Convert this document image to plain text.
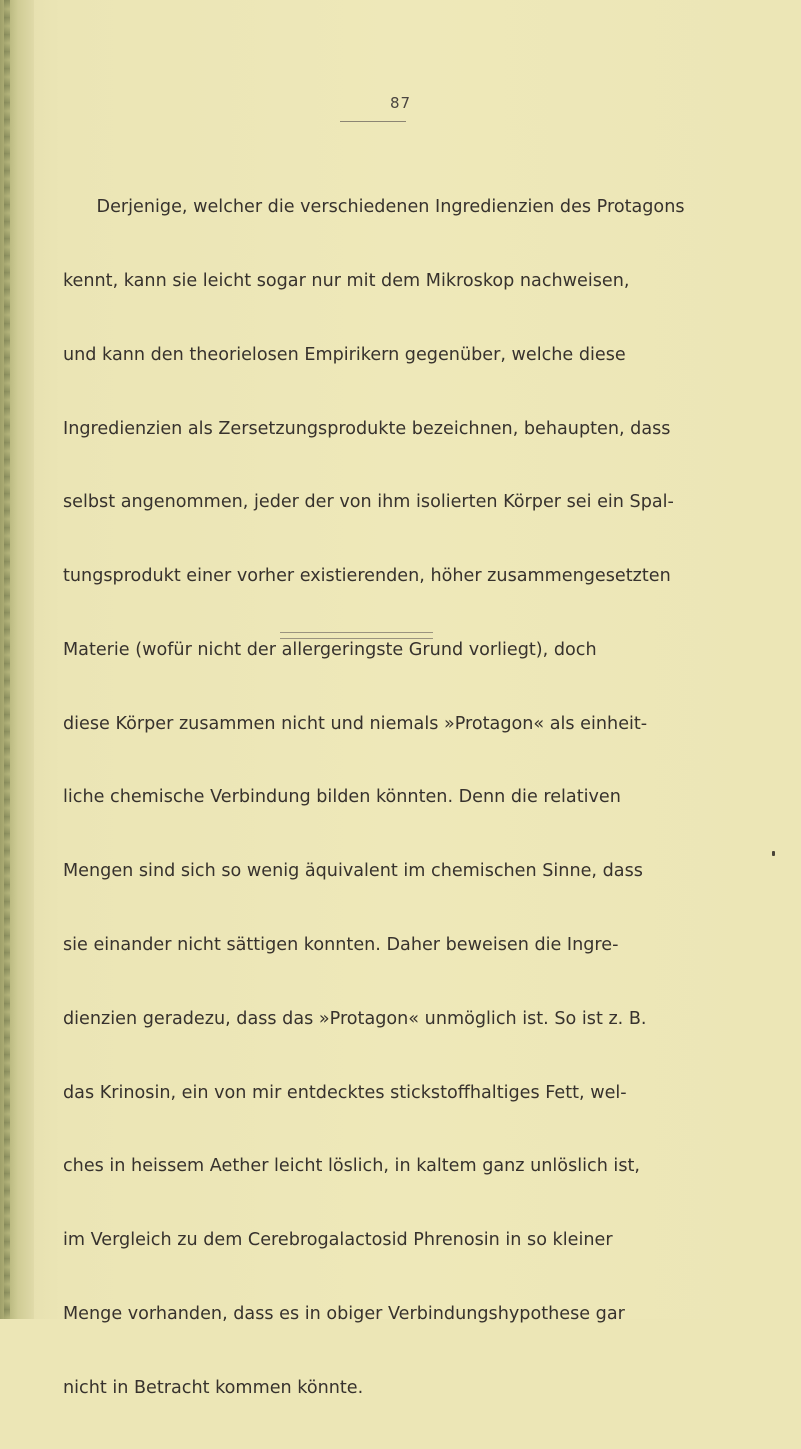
87

Derjenige, welcher die verschiedenen Ingredienzien des Protagons

kennt, kann sie leicht sogar nur mit dem Mikroskop nachweisen,

und kann den theorielosen Empirikern gegenüber, welche diese

Ingredienzien als Zersetzungsprodukte bezeichnen, behaupten, dass

selbst angenommen, jeder der von ihm isolierten Körper sei ein Spal-

tungsprodukt einer vorher existierenden, höher zusammengesetzten

Materie (wofür nicht der allergeringste Grund vorliegt), doch

diese Körper zusammen nicht und niemals »Protagon« als einheit-

liche chemische Verbindung bilden könnten. Denn die relativen

Mengen sind sich so wenig äquivalent im chemischen Sinne, dass

sie einander nicht sättigen konnten. Daher beweisen die Ingre-

dienzien geradezu, dass das »Protagon« unmöglich ist. So ist z. B.

das Krinosin, ein von mir entdecktes stickstoffhaltiges Fett, wel-

ches in heissem Aether leicht löslich, in kaltem ganz unlöslich ist,

im Vergleich zu dem Cerebrogalactosid Phrenosin in so kleiner

Menge vorhanden, dass es in obiger Verbindungshypothese gar

nicht in Betracht kommen könnte.
